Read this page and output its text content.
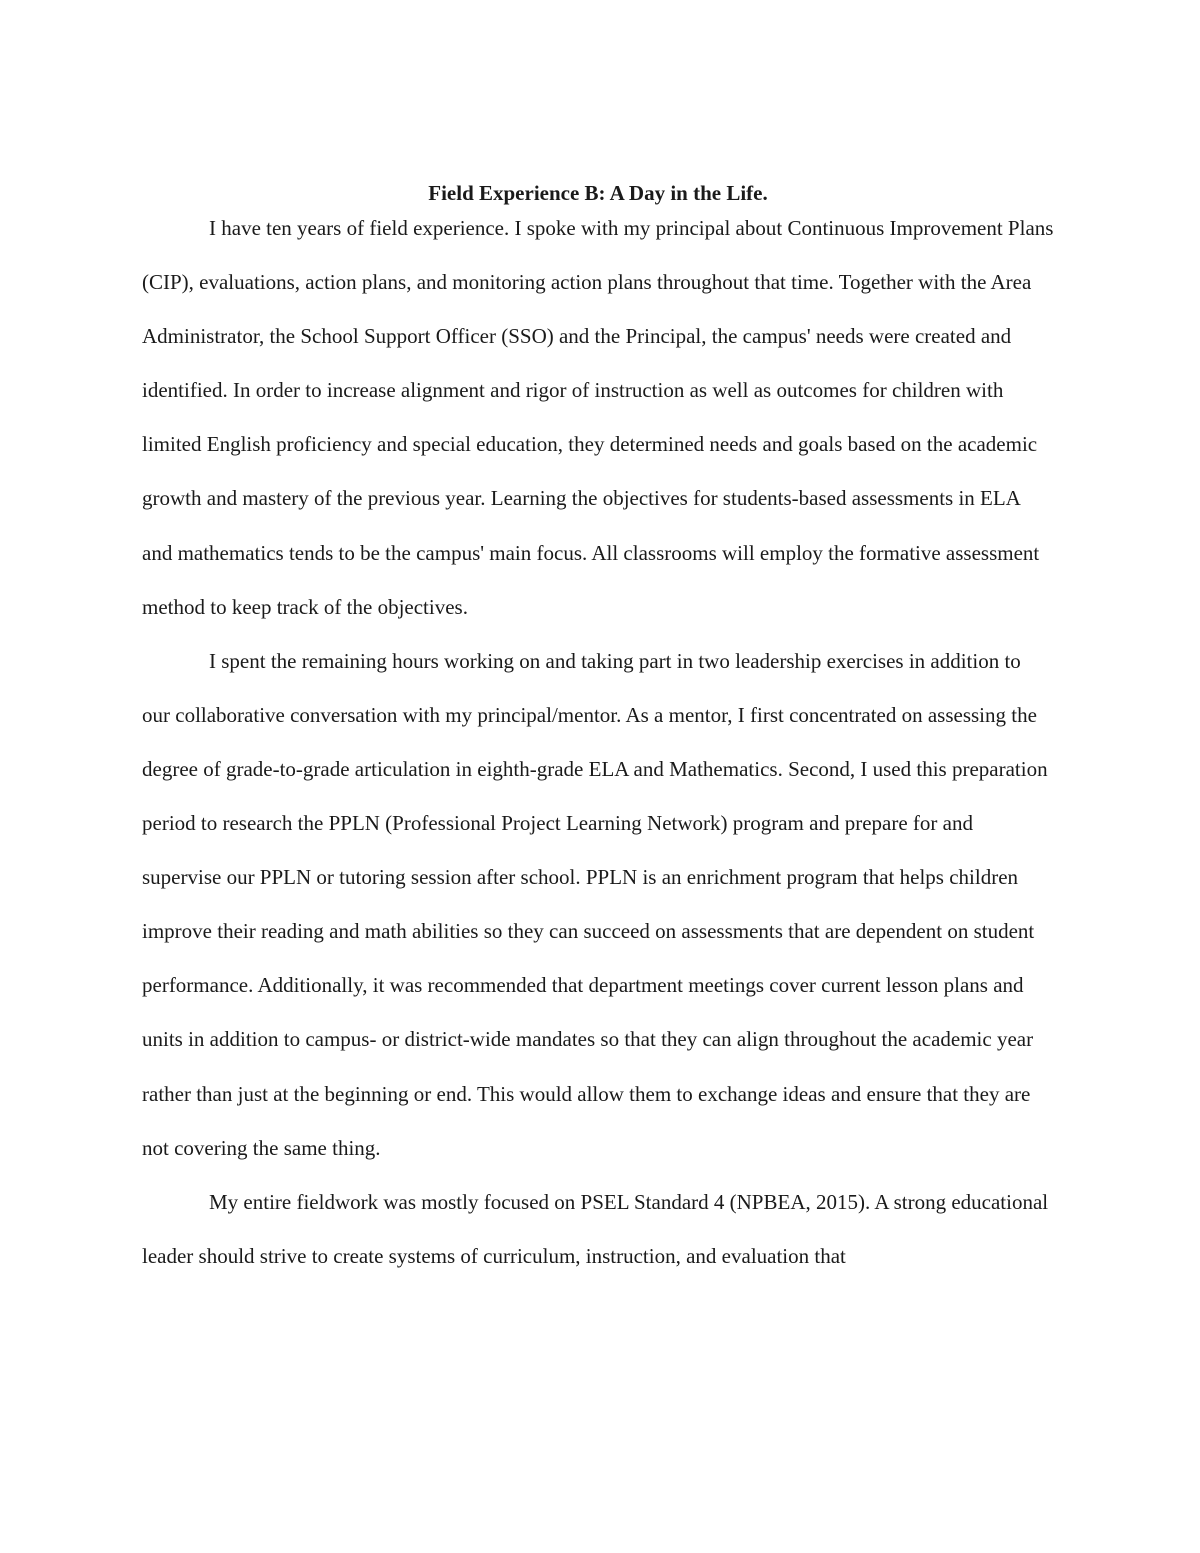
Field Experience B: A Day in the Life.

I have ten years of field experience. I spoke with my principal about Continuous Improvement Plans (CIP), evaluations, action plans, and monitoring action plans throughout that time. Together with the Area Administrator, the School Support Officer (SSO) and the Principal, the campus' needs were created and identified. In order to increase alignment and rigor of instruction as well as outcomes for children with limited English proficiency and special education, they determined needs and goals based on the academic growth and mastery of the previous year. Learning the objectives for students-based assessments in ELA and mathematics tends to be the campus' main focus. All classrooms will employ the formative assessment method to keep track of the objectives.

I spent the remaining hours working on and taking part in two leadership exercises in addition to our collaborative conversation with my principal/mentor. As a mentor, I first concentrated on assessing the degree of grade-to-grade articulation in eighth-grade ELA and Mathematics. Second, I used this preparation period to research the PPLN (Professional Project Learning Network) program and prepare for and supervise our PPLN or tutoring session after school. PPLN is an enrichment program that helps children improve their reading and math abilities so they can succeed on assessments that are dependent on student performance. Additionally, it was recommended that department meetings cover current lesson plans and units in addition to campus- or district-wide mandates so that they can align throughout the academic year rather than just at the beginning or end. This would allow them to exchange ideas and ensure that they are not covering the same thing.

My entire fieldwork was mostly focused on PSEL Standard 4 (NPBEA, 2015). A strong educational leader should strive to create systems of curriculum, instruction, and evaluation that
